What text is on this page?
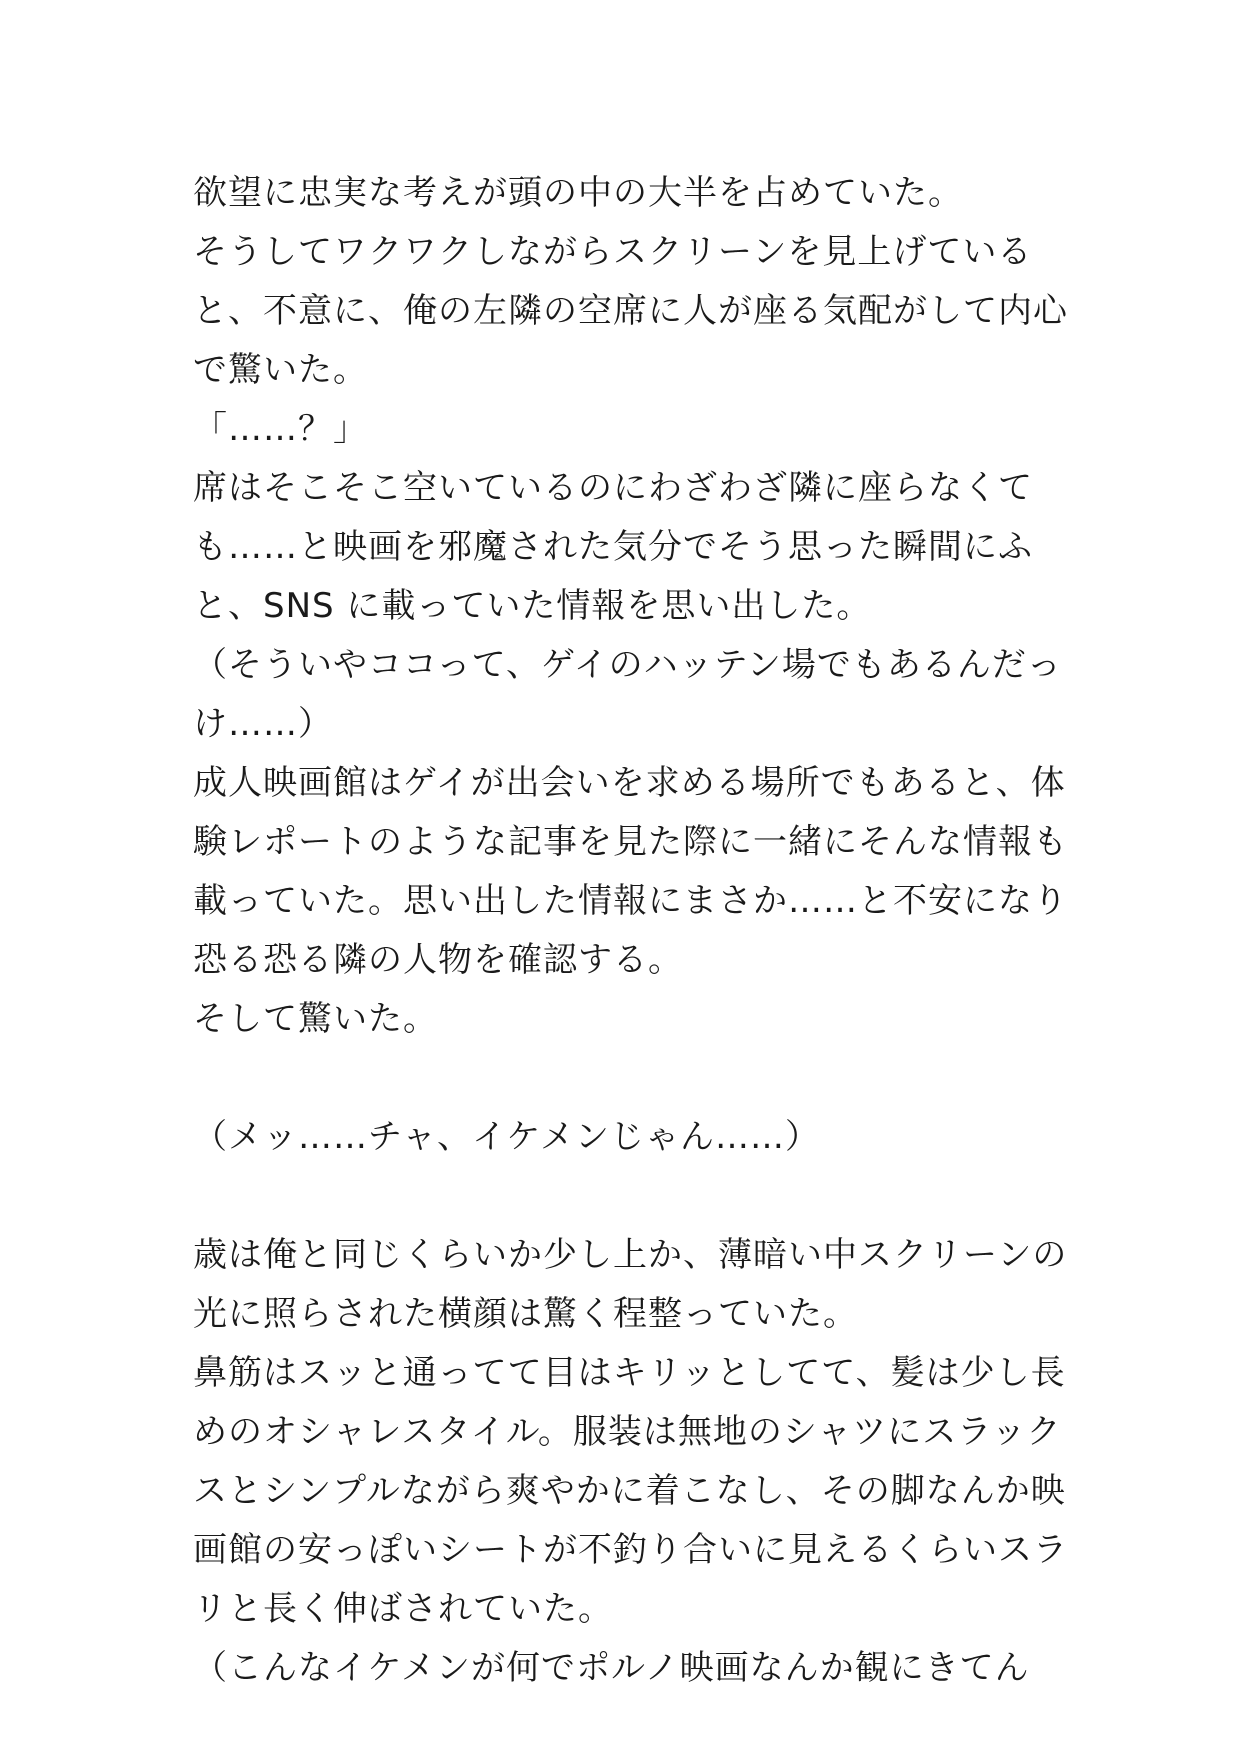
欲望に忠実な考えが頭の中の大半を占めていた。
そうしてワクワクしながらスクリーンを見上げている
と、不意に、俺の左隣の空席に人が座る気配がして内心
で驚いた。
「……？」
席はそこそこ空いているのにわざわざ隣に座らなくて
も……と映画を邪魔された気分でそう思った瞬間にふ
と、SNS に載っていた情報を思い出した。
（そういやココって、ゲイのハッテン場でもあるんだっ
け……）
成人映画館はゲイが出会いを求める場所でもあると、体
験レポートのような記事を見た際に一緒にそんな情報も
載っていた。思い出した情報にまさか……と不安になり
恐る恐る隣の人物を確認する。
そして驚いた。
（メッ……チャ、イケメンじゃん……）
歳は俺と同じくらいか少し上か、薄暗い中スクリーンの
光に照らされた横顔は驚く程整っていた。
鼻筋はスッと通ってて目はキリッとしてて、髪は少し長
めのオシャレスタイル。服装は無地のシャツにスラック
スとシンプルながら爽やかに着こなし、その脚なんか映
画館の安っぽいシートが不釣り合いに見えるくらいスラ
リと長く伸ばされていた。
（こんなイケメンが何でポルノ映画なんか観にきてん
